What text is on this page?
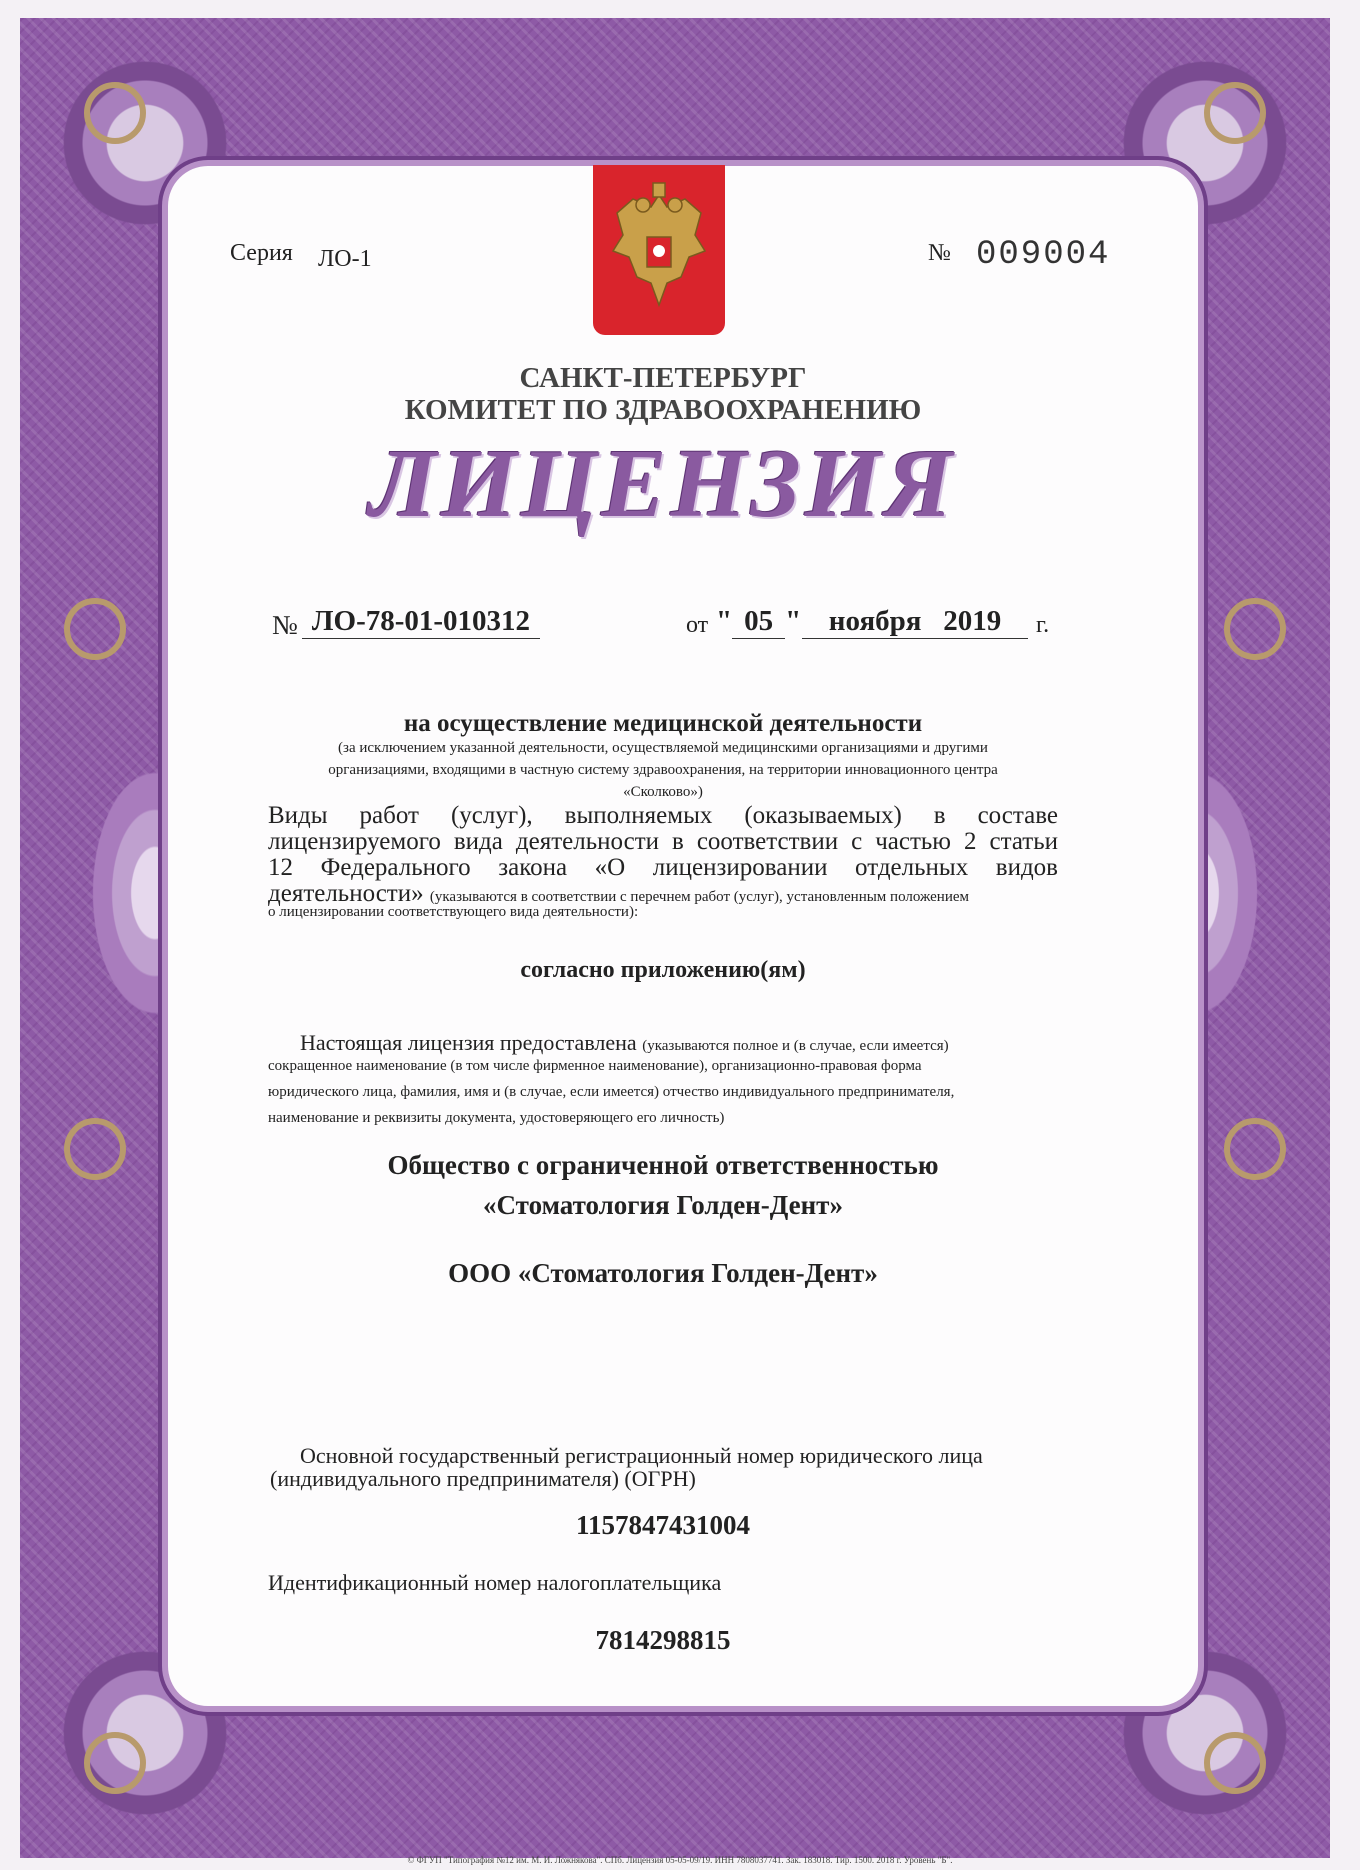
Серия ЛО-1	№ 009004
САНКТ-ПЕТЕРБУРГ
КОМИТЕТ ПО ЗДРАВООХРАНЕНИЮ
ЛИЦЕНЗИЯ
№ ЛО-78-01-010312	от " 05 " ноября   2019	г.
на осуществление медицинской деятельности
(за исключением указанной деятельности, осуществляемой медицинскими организациями и другими
организациями, входящими в частную систему здравоохранения, на территории инновационного центра
«Сколково»)
Виды работ (услуг), выполняемых (оказываемых) в составе
лицензируемого вида деятельности в соответствии с частью 2 статьи
12 Федерального закона «О лицензировании отдельных видов
деятельности» (указываются в соответствии с перечнем работ (услуг), установленным положением
о лицензировании соответствующего вида деятельности):
согласно приложению(ям)
Настоящая лицензия предоставлена (указываются полное и (в случае, если имеется)
сокращенное наименование (в том числе фирменное наименование), организационно-правовая форма
юридического лица, фамилия, имя и (в случае, если имеется) отчество индивидуального предпринимателя,
наименование и реквизиты документа, удостоверяющего его личность)
Общество с ограниченной ответственностью
«Стоматология Голден-Дент»
ООО «Стоматология Голден-Дент»
Основной государственный регистрационный номер юридического лица
(индивидуального предпринимателя) (ОГРН)
1157847431004
Идентификационный номер налогоплательщика
7814298815
© ФГУП "Типография №12 им. М. И. Ложнякова". СПб. Лицензия 05-05-09/19. ИНН 7808037741. Зак. 183018. Тир. 1500. 2018 г. Уровень "Б".
